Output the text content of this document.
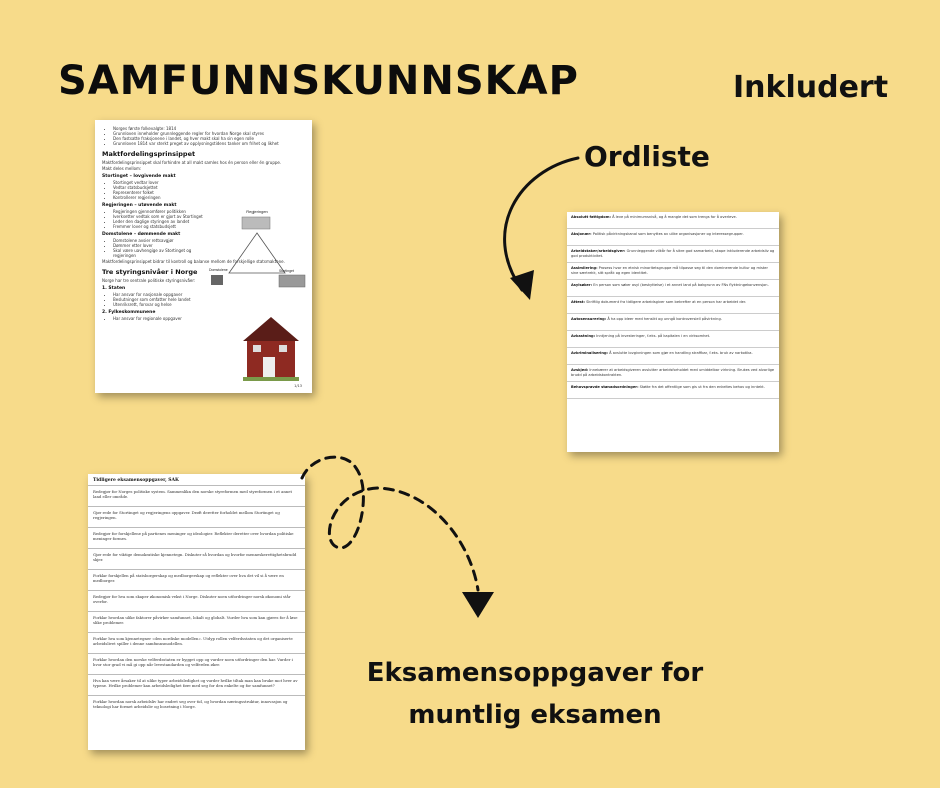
SAMFUNNSKUNNSKAP	Inkludert
Ordliste
Eksamensoppgaver for
muntlig eksamen
• Norges første folkevalgte: 1814
• Grunnloven inneholder grunnleggende regler for hvordan Norge skal styres
• Den fastsatte fraksjonene i landet, og hver makt skal ha sin egen rolle
• Grunnloven 1814 var sterkt preget av opplysningstidens tanker om frihet og likhet
Maktfordelingsprinsippet
Maktfordelingsprinsippet skal forhindre at all makt samles hos én person eller én gruppe.
Makt deles mellom:
Stortinget – lovgivende makt
• Stortinget vedtar lover
• Vedtar statsbudsjettet
• Representerer folket
• Kontrollerer regjeringen
Regjeringen – utøvende makt
• Regjeringen gjennomfører politikken
• Iverksetter vedtak som er gjort av Stortinget
• Leder den daglige styringen av landet
• Fremmer lover og statsbudsjett
Domstolene – dømmende makt
• Domstolene avsier rettsavgjør
• Dømmer etter lover
• Skal være uavhengige av Stortinget og regjeringen
Maktfordelingsprinsippet bidrar til kontroll og balanse mellom de forskjellige statsmaktene.
Tre styringsnivåer i Norge
Norge har tre sentrale politiske styringsnivåer:
1. Staten
• Har ansvar for nasjonale oppgaver
• Beslutninger som omfatter hele landet
• Utenriksrett, forsvar og helse
2. Fylkeskommunene
• Har ansvar for regionale oppgaver
Regjeringen
Domstolene	Stortinget
1/13
Absolutt fattigdom: Å leve på minimumsnivå, og å mangle det som trengs for å overleve.
Aksjonær: Politisk påvirkningskanal som benyttes av ulike organisasjoner og interessegrupper.
Arbeidstaker/arbeidsgiver: Grunnleggende vilkår for å sikre god samarbeid, skape inkluderende arbeidsliv og god produktivitet.
Assimilering: Prosess hvor en etnisk minoritetsgruppe må tilpasse seg til den dominerende kultur og mister sine særtrekk, sitt språk og egen identitet.
Asylsøker: En person som søker asyl (beskyttelse) i et annet land på bakgrunn av FNs flyktningekonvensjon.
Attest: Skriftlig dokument fra tidligere arbeidsgiver som bekrefter at en person har arbeidet der.
Autosensurering: Å ha opp ideer med hensikt og unngå kontroversiell påvirkning.
Avkastning: Inntjening på investeringer, f.eks. på kapitalen i en virksomhet.
Avkriminalisering: Å avslutte lovgivningen som gjør en handling straffbar, f.eks. bruk av narkotika.
Avskjed: Innebærer at arbeidsgiveren avslutter arbeidsforholdet med umiddelbar virkning. Brukes ved alvorlige brudd på arbeidskontrakten.
Behovsprøvde stønadsordninger: Støtte fra det offentlige som gis ut fra den enkeltes behov og inntekt.
Tidligere eksamensoppgaver, SAK
Redegjør for Norges politiske system. Sammenlikn den norske styreformen med styreformen i et annet land eller område.
Gjør rede for Stortinget og regjeringens oppgaver. Drøft deretter forholdet mellom Stortinget og regjeringen.
Redegjør for forskjellene på partienes meninger og ideologier. Reflekter deretter over hvordan politiske meninger formes.
Gjør rede for viktige demokratiske kjennetegn. Diskuter så hvordan og hvorfor menneskerettighetsbrudd skjer.
Forklar forskjellen på statsborgerskap og medborgerskap og reflekter over hva det vil si å være en medborger.
Redegjør for hva som skaper økonomisk vekst i Norge. Diskuter noen utfordringer norsk økonomi står overfor.
Forklar hvordan ulike faktorer påvirker samfunnet, lokalt og globalt. Vurder hva som kan gjøres for å løse slike problemer.
Forklar hva som kjennetegner «den nordiske modellen». Utdyp rollen velferdsstaten og det organiserte arbeidslivet spiller i denne samfunnsmodellen.
Forklar hvordan den norske velferdsstaten er bygget opp og vurder noen utfordringer den har. Vurder i hvor stor grad vi må gi opp når levestandarden og velferden øker.
Hva kan være årsaker til at ulike typer arbeidsledighet og vurder hvilke tiltak man kan bruke mot hver av typene. Hvilke problemer kan arbeidsledighet føre med seg for den enkelte og for samfunnet?
Forklar hvordan norsk arbeidsliv har endret seg over tid, og hvordan næringsstruktur, innovasjon og teknologi har formet arbeidsliv og bosetning i Norge.
